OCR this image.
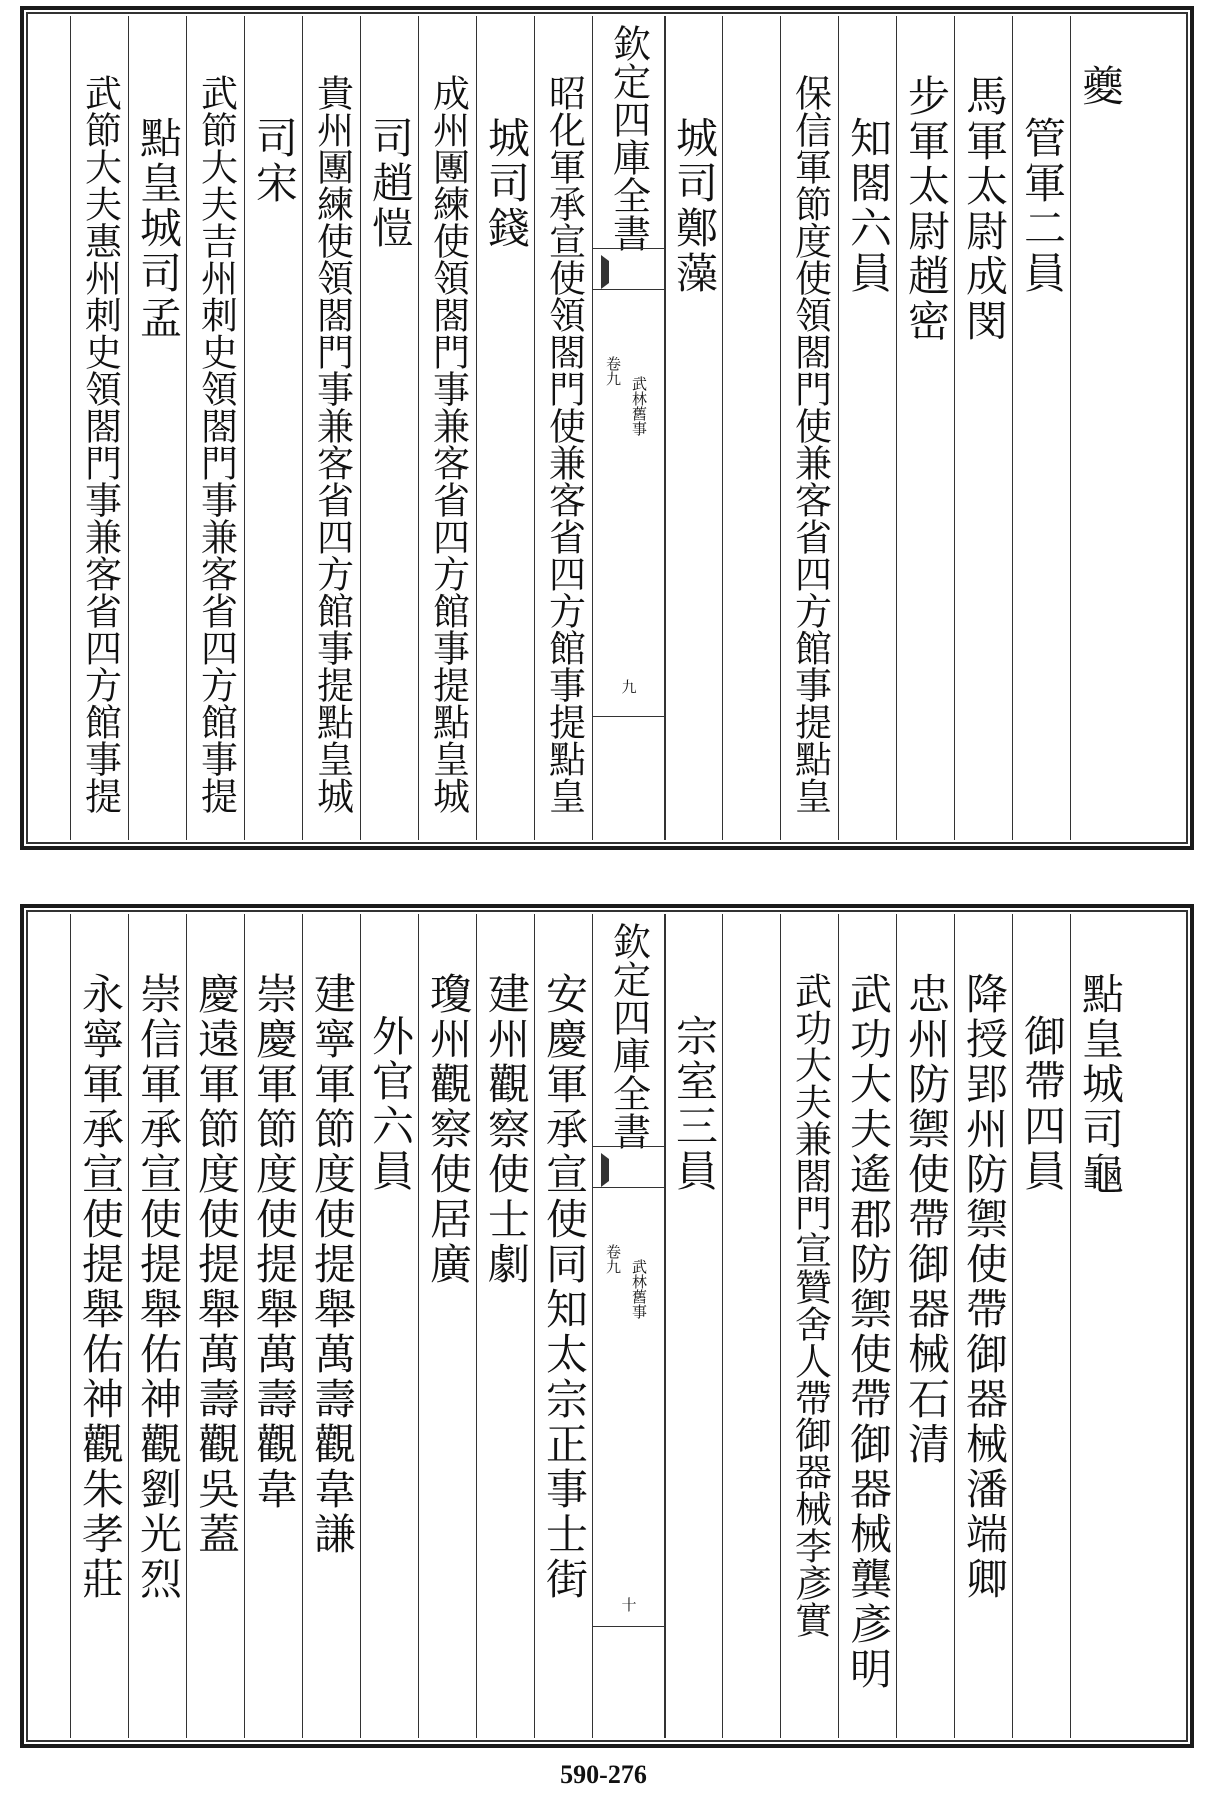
夔
管軍二員
馬軍太尉成閔
步軍太尉趙密
知閤六員
保信軍節度使領閤門使兼客省四方館事提點皇
城司鄭藻
欽定四庫全書
武林舊事
卷九
九
昭化軍承宣使領閤門使兼客省四方館事提點皇
城司錢
成州團練使領閤門事兼客省四方館事提點皇城
司趙愷
貴州團練使領閤門事兼客省四方館事提點皇城
司宋
武節大夫吉州刺史領閤門事兼客省四方館事提
點皇城司孟
武節大夫惠州刺史領閤門事兼客省四方館事提
點皇城司龜
御帶四員
降授郢州防禦使帶御器械潘端卿
忠州防禦使帶御器械石清
武功大夫遙郡防禦使帶御器械龔彥明
武功大夫兼閤門宣贊舍人帶御器械李彥實
宗室三員
欽定四庫全書
武林舊事
卷九
十
安慶軍承宣使同知太宗正事士街
建州觀察使士劇
瓊州觀察使居廣
外官六員
建寧軍節度使提舉萬壽觀韋謙
崇慶軍節度使提舉萬壽觀韋
慶遠軍節度使提舉萬壽觀吳蓋
崇信軍承宣使提舉佑神觀劉光烈
永寧軍承宣使提舉佑神觀朱孝莊
590-276
